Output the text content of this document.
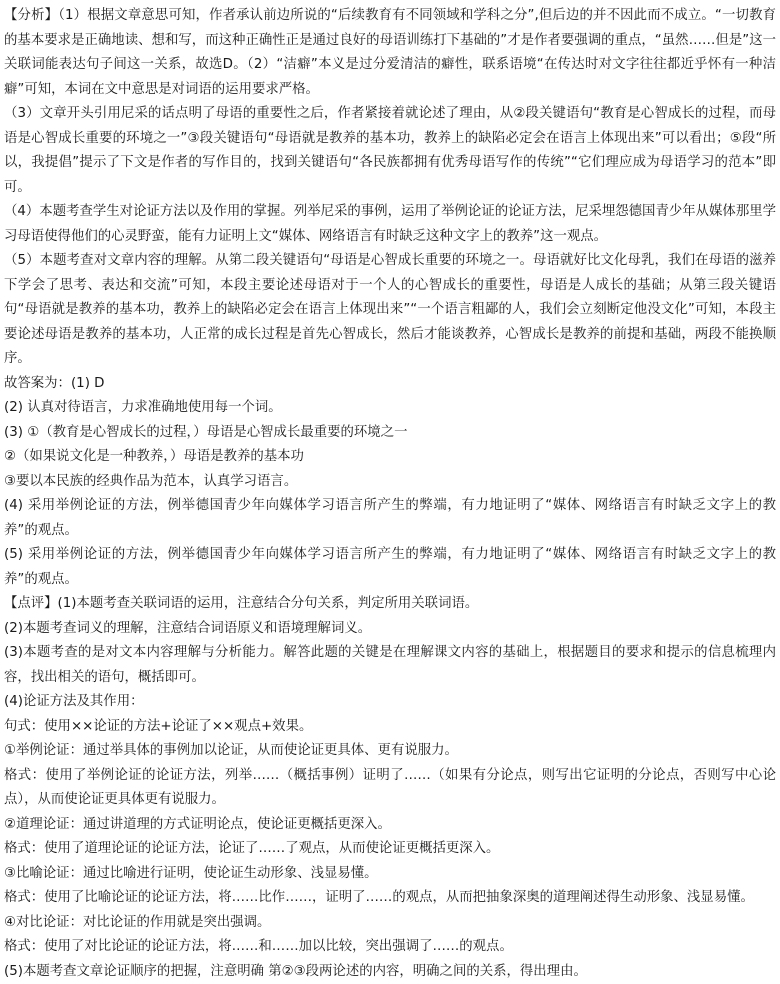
【分析】（1）根据文章意思可知，作者承认前边所说的“后续教育有不同领域和学科之分”,但后边的并不因此而不成立。“一切教育的基本要求是正确地读、想和写，而这种正确性正是通过良好的母语训练打下基础的”才是作者要强调的重点，“虽然……但是”这一关联词能表达句子间这一关系，故选D。（2）“洁癖”本义是过分爱清洁的癖性，联系语境“在传达时对文字往往都近乎怀有一种洁癖”可知，本词在文中意思是对词语的运用要求严格。

（3）文章开头引用尼采的话点明了母语的重要性之后，作者紧接着就论述了理由，从②段关键语句“教育是心智成长的过程，而母语是心智成长重要的环境之一”③段关键语句“母语就是教养的基本功，教养上的缺陷必定会在语言上体现出来”可以看出；⑤段“所以，我提倡”提示了下文是作者的写作目的，找到关键语句“各民族都拥有优秀母语写作的传统”“它们理应成为母语学习的范本”即可。

（4）本题考查学生对论证方法以及作用的掌握。列举尼采的事例，运用了举例论证的论证方法，尼采埋怨德国青少年从媒体那里学习母语使得他们的心灵野蛮，能有力证明上文“媒体、网络语言有时缺乏这种文字上的教养”这一观点。

（5）本题考查对文章内容的理解。从第二段关键语句“母语是心智成长重要的环境之一。母语就好比文化母乳，我们在母语的滋养下学会了思考、表达和交流”可知，本段主要论述母语对于一个人的心智成长的重要性，母语是人成长的基础；从第三段关键语句“母语就是教养的基本功，教养上的缺陷必定会在语言上体现出来”“一个语言粗鄙的人，我们会立刻断定他没文化”可知，本段主要论述母语是教养的基本功，人正常的成长过程是首先心智成长，然后才能谈教养，心智成长是教养的前提和基础，两段不能换顺序。

故答案为：(1) D

(2) 认真对待语言，力求准确地使用每一个词。

(3) ①（教育是心智成长的过程，）母语是心智成长最重要的环境之一

②（如果说文化是一种教养，）母语是教养的基本功

③要以本民族的经典作品为范本，认真学习语言。

(4) 采用举例论证的方法，例举德国青少年向媒体学习语言所产生的弊端，有力地证明了“媒体、网络语言有时缺乏文字上的教养”的观点。

(5) 采用举例论证的方法，例举德国青少年向媒体学习语言所产生的弊端，有力地证明了“媒体、网络语言有时缺乏文字上的教养”的观点。

【点评】(1)本题考查关联词语的运用，注意结合分句关系，判定所用关联词语。

(2)本题考查词义的理解，注意结合词语原义和语境理解词义。

(3)本题考查的是对文本内容理解与分析能力。解答此题的关键是在理解课文内容的基础上，根据题目的要求和提示的信息梳理内容，找出相关的语句，概括即可。

(4)论证方法及其作用：

句式：使用××论证的方法+论证了××观点+效果。

①举例论证：通过举具体的事例加以论证，从而使论证更具体、更有说服力。

格式：使用了举例论证的论证方法，列举……（概括事例）证明了……（如果有分论点，则写出它证明的分论点，否则写中心论点），从而使论证更具体更有说服力。

②道理论证：通过讲道理的方式证明论点，使论证更概括更深入。

格式：使用了道理论证的论证方法，论证了……了观点，从而使论证更概括更深入。

③比喻论证：通过比喻进行证明，使论证生动形象、浅显易懂。

格式：使用了比喻论证的论证方法，将……比作……，证明了……的观点，从而把抽象深奥的道理阐述得生动形象、浅显易懂。

④对比论证：对比论证的作用就是突出强调。

格式：使用了对比论证的论证方法，将……和……加以比较，突出强调了……的观点。

(5)本题考查文章论证顺序的把握，注意明确 第②③段两论述的内容，明确之间的关系，得出理由。
